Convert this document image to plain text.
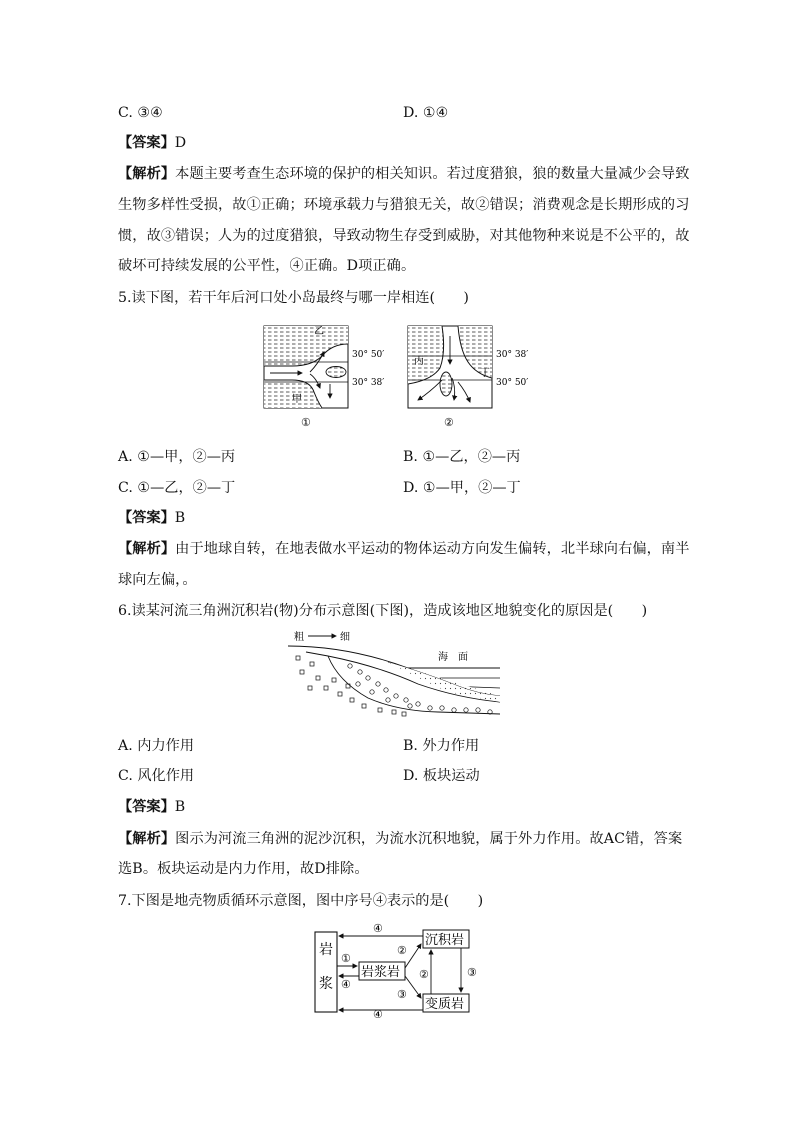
C. ③④	D. ①④
【答案】D
【解析】本题主要考查生态环境的保护的相关知识。若过度猎狼，狼的数量大量减少会导致
生物多样性受损，故①正确；环境承载力与猎狼无关，故②错误；消费观念是长期形成的习
惯，故③错误；人为的过度猎狼，导致动物生存受到威胁，对其他物种来说是不公平的，故
破坏可持续发展的公平性，④正确。D项正确。
5.读下图，若干年后河口处小岛最终与哪一岸相连(　　)
乙
甲
30° 50′
30° 38′
①
丙
丁
30° 38′
30° 50′
②
A. ①—甲，②—丙	B. ①—乙，②—丙
C. ①—乙，②—丁	D. ①—甲，②—丁
【答案】B
【解析】由于地球自转，在地表做水平运动的物体运动方向发生偏转，北半球向右偏，南半
球向左偏，。
6.读某河流三角洲沉积岩(物)分布示意图(下图)，造成该地区地貌变化的原因是(　　)
粗	细
海　面
A. 内力作用	B. 外力作用
C. 风化作用	D. 板块运动
【答案】B
【解析】图示为河流三角洲的泥沙沉积，为流水沉积地貌，属于外力作用。故AC错，答案
选B。板块运动是内力作用，故D排除。
7.下图是地壳物质循环示意图，图中序号④表示的是(　　)
岩
浆
沉积岩
岩浆岩
变质岩
④
①
④
②
③
②	③
④
